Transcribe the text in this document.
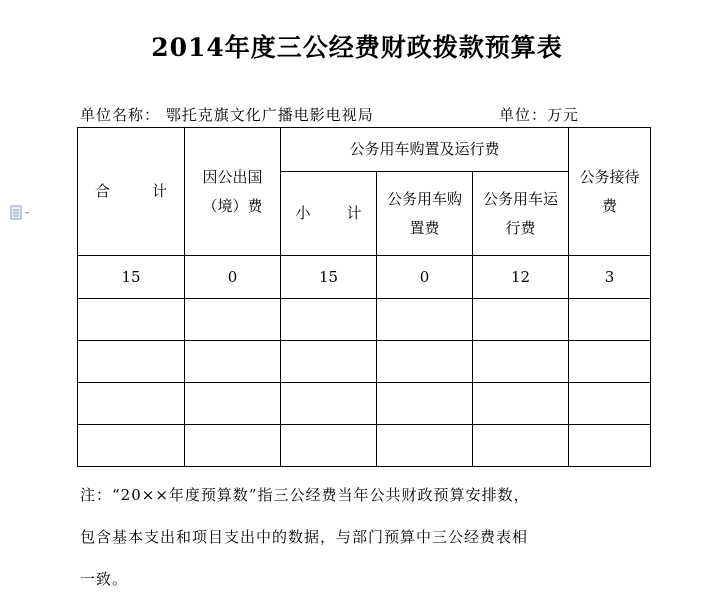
2014年度三公经费财政拨款预算表
单位名称： 鄂托克旗文化广播电影电视局	单位：万元
合 计	因公出国（境）费	公务用车购置及运行费			公务接待费

		小 计	公务用车购置费	公务用车运行费	

15	0	15	0	12	3

注：“20××年度预算数”指三公经费当年公共财政预算安排数，
包含基本支出和项目支出中的数据，与部门预算中三公经费表相
一致。
